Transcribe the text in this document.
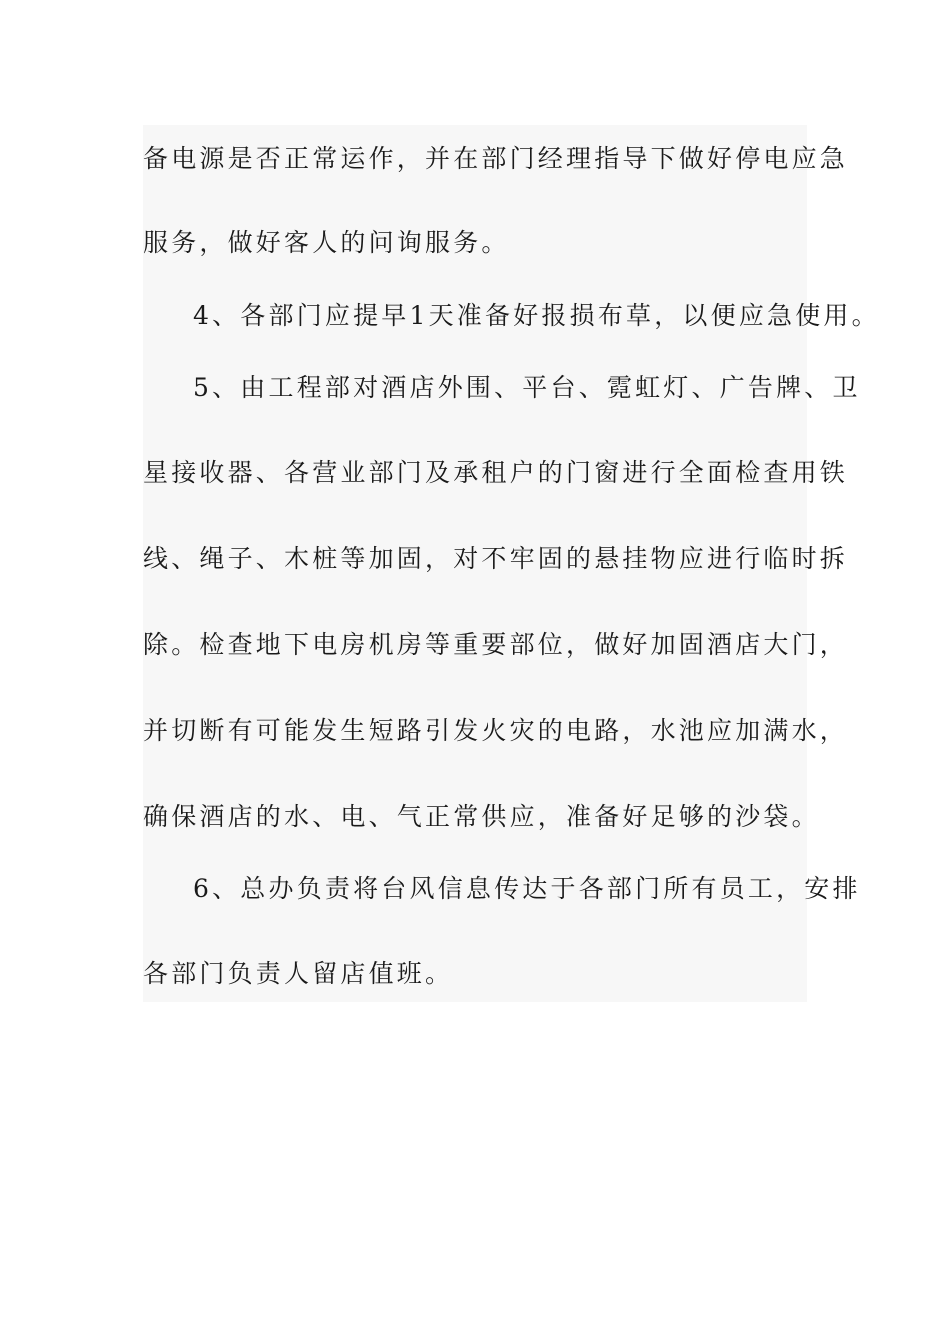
备电源是否正常运作，并在部门经理指导下做好停电应急
服务，做好客人的问询服务。
4、各部门应提早1天准备好报损布草，以便应急使用。
5、由工程部对酒店外围、平台、霓虹灯、广告牌、卫
星接收器、各营业部门及承租户的门窗进行全面检查用铁
线、绳子、木桩等加固，对不牢固的悬挂物应进行临时拆
除。检查地下电房机房等重要部位，做好加固酒店大门，
并切断有可能发生短路引发火灾的电路，水池应加满水，
确保酒店的水、电、气正常供应，准备好足够的沙袋。
6、总办负责将台风信息传达于各部门所有员工，安排
各部门负责人留店值班。
